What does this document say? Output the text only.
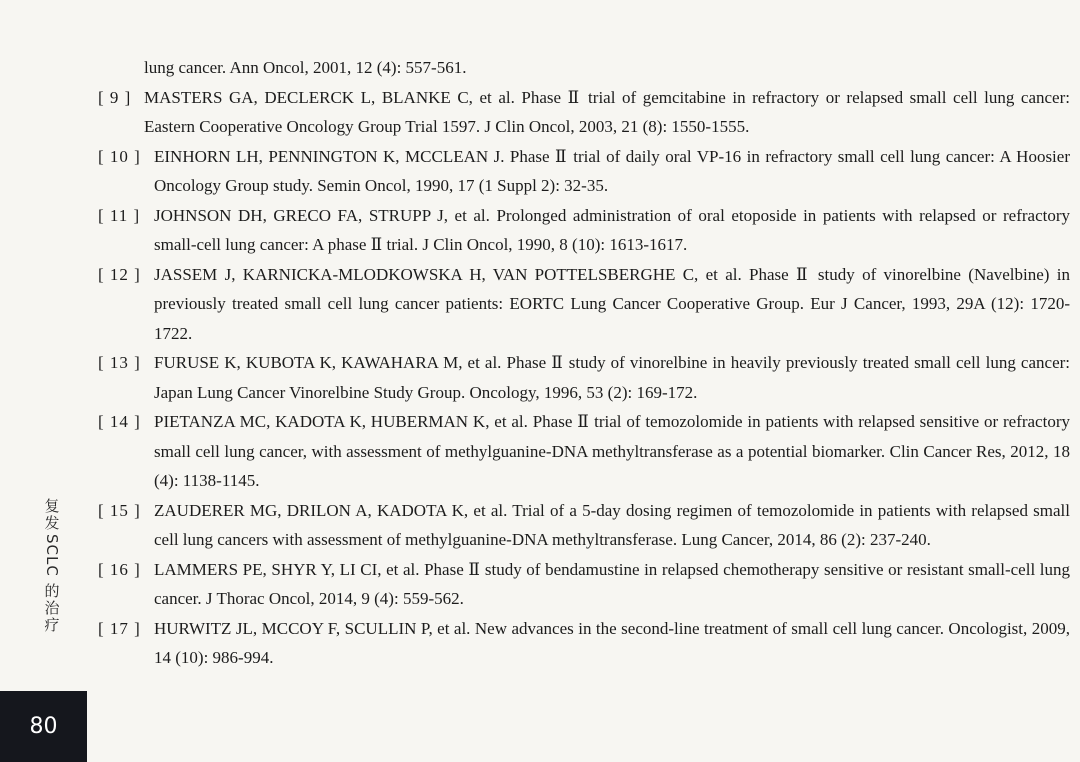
lung cancer. Ann Oncol, 2001, 12 (4): 557-561.
[ 9 ] MASTERS GA, DECLERCK L, BLANKE C, et al. Phase Ⅱ trial of gemcitabine in refractory or relapsed small cell lung cancer: Eastern Cooperative Oncology Group Trial 1597. J Clin Oncol, 2003, 21 (8): 1550-1555.
[ 10 ] EINHORN LH, PENNINGTON K, MCCLEAN J. Phase Ⅱ trial of daily oral VP-16 in refractory small cell lung cancer: A Hoosier Oncology Group study. Semin Oncol, 1990, 17 (1 Suppl 2): 32-35.
[ 11 ] JOHNSON DH, GRECO FA, STRUPP J, et al. Prolonged administration of oral etoposide in patients with relapsed or refractory small-cell lung cancer: A phase Ⅱ trial. J Clin Oncol, 1990, 8 (10): 1613-1617.
[ 12 ] JASSEM J, KARNICKA-MLODKOWSKA H, VAN POTTELSBERGHE C, et al. Phase Ⅱ study of vinorelbine (Navelbine) in previously treated small cell lung cancer patients: EORTC Lung Cancer Cooperative Group. Eur J Cancer, 1993, 29A (12): 1720-1722.
[ 13 ] FURUSE K, KUBOTA K, KAWAHARA M, et al. Phase Ⅱ study of vinorelbine in heavily previously treated small cell lung cancer: Japan Lung Cancer Vinorelbine Study Group. Oncology, 1996, 53 (2): 169-172.
[ 14 ] PIETANZA MC, KADOTA K, HUBERMAN K, et al. Phase Ⅱ trial of temozolomide in patients with relapsed sensitive or refractory small cell lung cancer, with assessment of methylguanine-DNA methyltransferase as a potential biomarker. Clin Cancer Res, 2012, 18 (4): 1138-1145.
[ 15 ] ZAUDERER MG, DRILON A, KADOTA K, et al. Trial of a 5-day dosing regimen of temozolomide in patients with relapsed small cell lung cancers with assessment of methylguanine-DNA methyltransferase. Lung Cancer, 2014, 86 (2): 237-240.
[ 16 ] LAMMERS PE, SHYR Y, LI CI, et al. Phase Ⅱ study of bendamustine in relapsed chemotherapy sensitive or resistant small-cell lung cancer. J Thorac Oncol, 2014, 9 (4): 559-562.
[ 17 ] HURWITZ JL, MCCOY F, SCULLIN P, et al. New advances in the second-line treatment of small cell lung cancer. Oncologist, 2009, 14 (10): 986-994.
复
发
SCLC
的
治
疗
80
